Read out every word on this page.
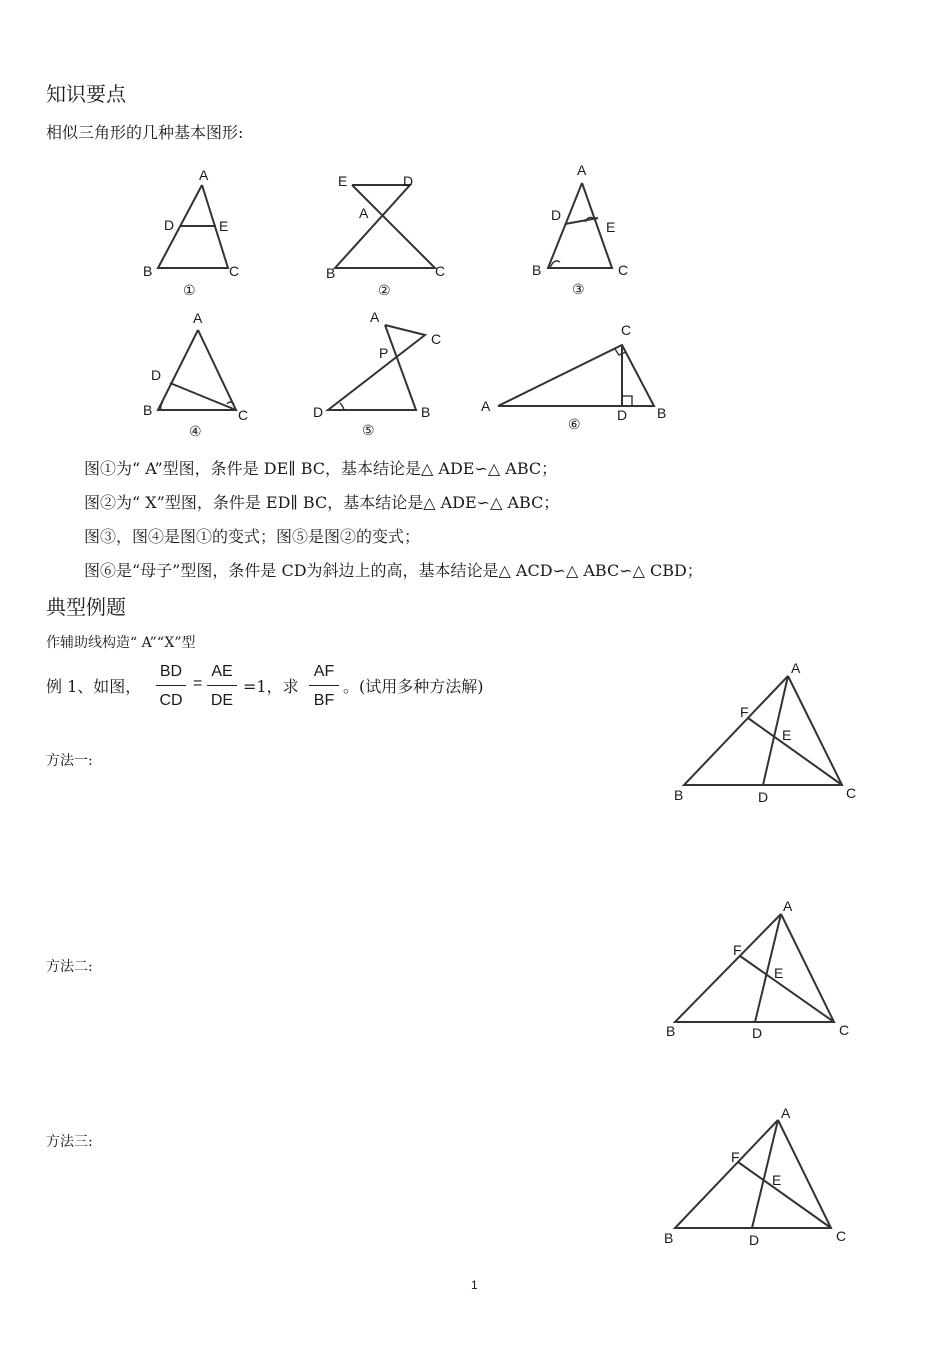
知识要点
相似三角形的几种基本图形:
A
D	E
B	C
①
E	D
A
B	C
②
A
D
E
B	C
③
A
D
B	C
④
A
C
P
D	B
⑤
C
A
D B
⑥
图①为“ A”型图，条件是 DE∥ BC，基本结论是△ ADE∽△ ABC；
图②为“ X”型图，条件是 ED∥ BC，基本结论是△ ADE∽△ ABC；
图③，图④是图①的变式；图⑤是图②的变式；
图⑥是“母子”型图，条件是 CD为斜边上的高，基本结论是△ ACD∽△ ABC∽△ CBD；
典型例题
作辅助线构造“ A”“X”型
例 1、如图，
BD
CD
=
AE
DE
=1，求
AF
BF
。(试用多种方法解)
方法一:
方法二:
方法三:
A
F
E
B	D	C
A
F
E
B	D	C
A
F
E
B	D	C
1
